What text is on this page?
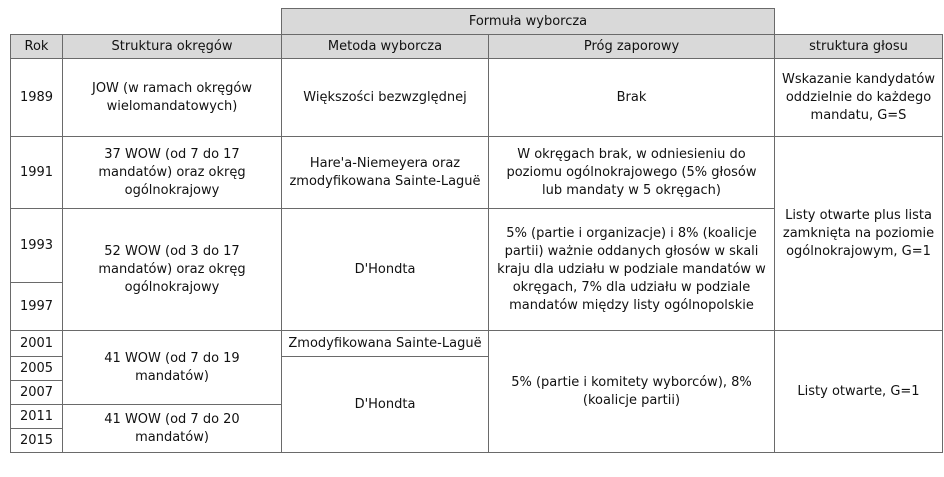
		Formuła wyborcza		
Rok	Struktura okręgów	Metoda wyborcza	Próg zaporowy	struktura głosu
1989	JOW (w ramach okręgów wielomandatowych)	Większości bezwzględnej	Brak	Wskazanie kandydatów oddzielnie do każdego mandatu, G=S
1991	37 WOW (od 7 do 17 mandatów) oraz okręg ogólnokrajowy	Hare'a-Niemeyera oraz zmodyfikowana Sainte-Laguë	W okręgach brak, w odniesieniu do poziomu ogólnokrajowego (5% głosów lub mandaty w 5 okręgach)	Listy otwarte plus lista zamknięta na poziomie ogólnokrajowym, G=1
1993	52 WOW (od 3 do 17 mandatów) oraz okręg ogólnokrajowy	D'Hondta	5% (partie i organizacje) i 8% (koalicje partii) ważnie oddanych głosów w skali kraju dla udziału w podziale mandatów w okręgach, 7% dla udziału w podziale mandatów między listy ogólnopolskie	
1997				
2001	41 WOW (od 7 do 19 mandatów)	Zmodyfikowana Sainte-Laguë	5% (partie i komitety wyborców), 8% (koalicje partii)	Listy otwarte, G=1
2005		D'Hondta		
2007				
2011	41 WOW (od 7 do 20 mandatów)			
2015				
